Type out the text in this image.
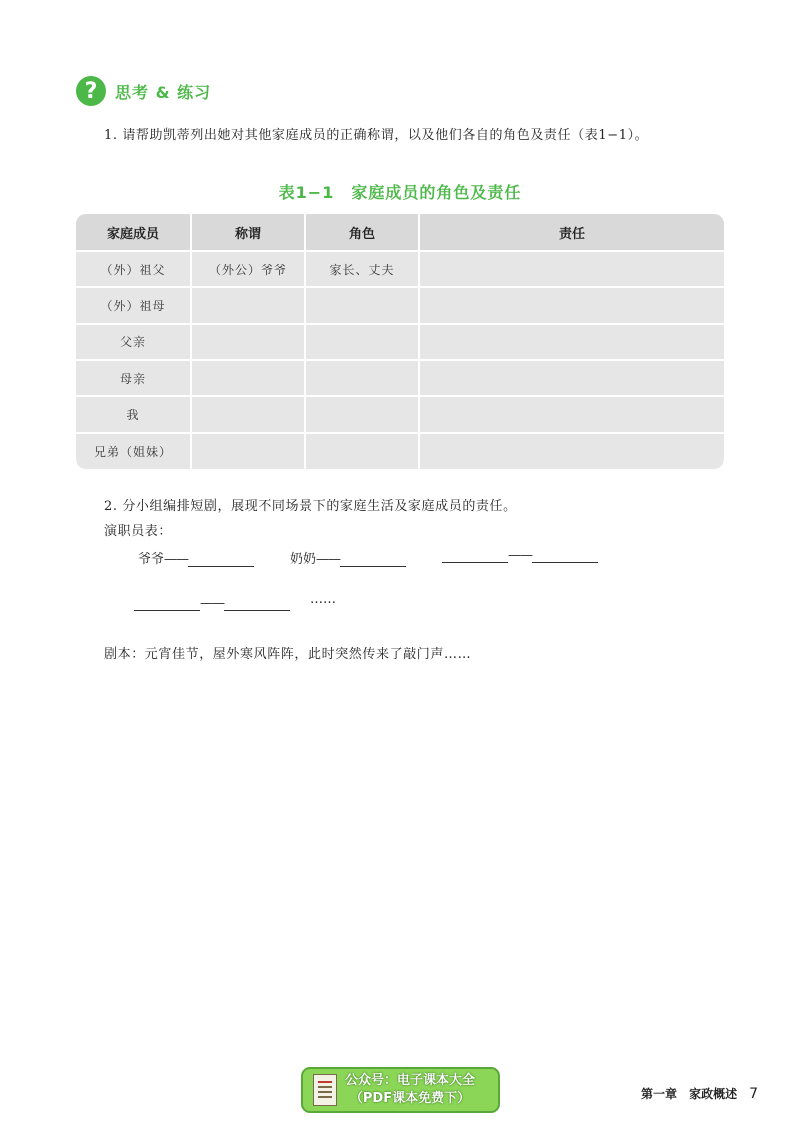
?	思考 & 练习
1. 请帮助凯蒂列出她对其他家庭成员的正确称谓，以及他们各自的角色及责任（表1−1）。
表1−1　家庭成员的角色及责任
家庭成员	称谓	角色	责任
（外）祖父	（外公）爷爷	家长、丈夫	
（外）祖母			
父亲			
母亲			
我			
兄弟（姐妹）			
2. 分小组编排短剧，展现不同场景下的家庭生活及家庭成员的责任。
演职员表：
爷爷 ——	奶奶 ——	——
——	……
剧本：元宵佳节，屋外寒风阵阵，此时突然传来了敲门声……
公众号：电子课本大全
（PDF课本免费下）	第一章 家政概述 7
